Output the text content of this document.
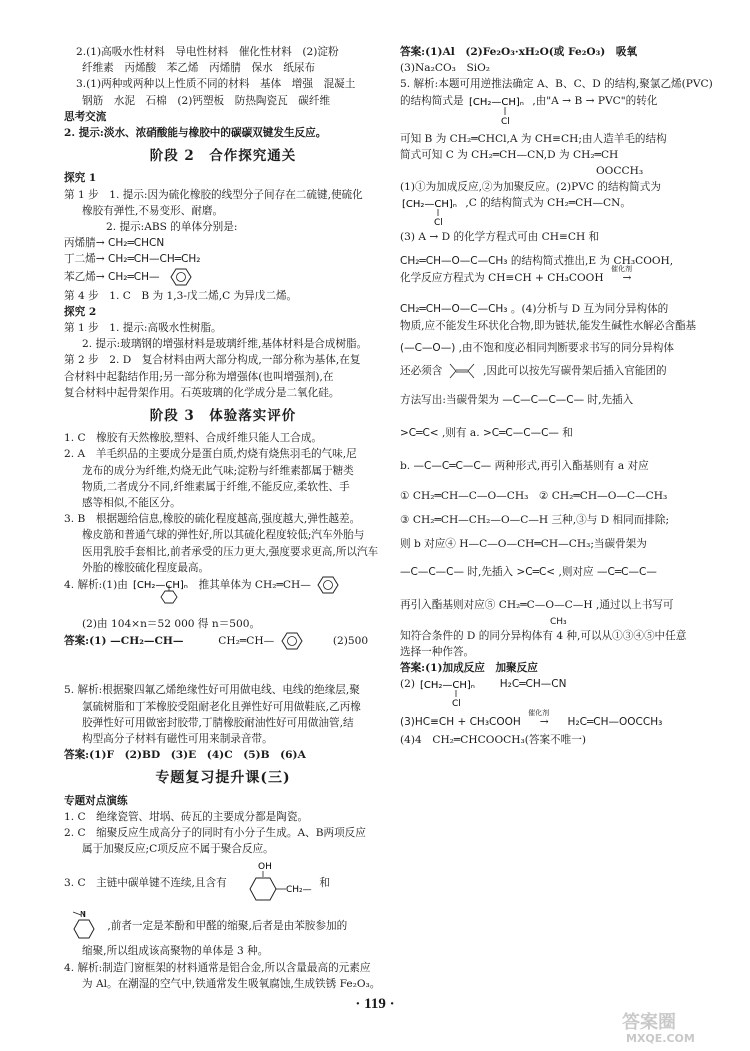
2.(1)高吸水性材料　导电性材料　催化性材料　(2)淀粉
纤维素　丙烯酸　苯乙烯　丙烯腈　保水　纸尿布
3.(1)两种或两种以上性质不同的材料　基体　增强　混凝土
钢筋　水泥　石棉　(2)钙塑板　防热陶瓷瓦　碳纤维
思考交流
2. 提示:淡水、浓硝酸能与橡胶中的碳碳双键发生反应。
阶段 2　合作探究通关
探究 1
第 1 步　1. 提示:因为硫化橡胶的线型分子间存在二硫键,使硫化
橡胶有弹性,不易变形、耐磨。
2. 提示:ABS 的单体分别是:
丙烯腈→ CH₂═CHCN
丁二烯→ CH₂═CH—CH═CH₂
苯乙烯→ CH₂═CH—
第 4 步　1. C　B 为 1,3-戊二烯,C 为异戊二烯。
探究 2
第 1 步　1. 提示:高吸水性树脂。
2. 提示:玻璃钢的增强材料是玻璃纤维,基体材料是合成树脂。
第 2 步　2. D　复合材料由两大部分构成,一部分称为基体,在复
合材料中起黏结作用;另一部分称为增强体(也叫增强剂),在
复合材料中起骨架作用。石英玻璃的化学成分是二氧化硅。
阶段 3　体验落实评价
1. C　橡胶有天然橡胶,塑料、合成纤维只能人工合成。
2. A　羊毛织品的主要成分是蛋白质,灼烧有烧焦羽毛的气味,尼
龙布的成分为纤维,灼烧无此气味;淀粉与纤维素都属于糖类
物质,二者成分不同,纤维素属于纤维,不能反应,柔软性、手
感等相似,不能区分。
3. B　根据题给信息,橡胶的硫化程度越高,强度越大,弹性越差。
橡皮筋和普通气球的弹性好,所以其硫化程度较低;汽车外胎与
医用乳胶手套相比,前者承受的压力更大,强度要求更高,所以汽车
外胎的橡胶硫化程度最高。
4. 解析:(1)由 [CH₂—CH]ₙ 推其单体为 CH₂═CH—
(2)由 104×n＝52 000 得 n＝500。
答案:(1) —CH₂—CH—	CH₂═CH—	(2)500
5. 解析:根据聚四氟乙烯绝缘性好可用做电线、电线的绝缘层,聚
氯硫树脂和丁苯橡胶受阻耐老化且弹性好可用做鞋底,乙丙橡
胶弹性好可用做密封胶带,丁腈橡胶耐油性好可用做油管,结
构型高分子材料有磁性可用来制录音带。
答案:(1)F　(2)BD　(3)E　(4)C　(5)B　(6)A
专题复习提升课(三)
专题对点演练
1. C　绝缘瓷管、坩埚、砖瓦的主要成分都是陶瓷。
2. C　缩聚反应生成高分子的同时有小分子生成。A、B两项反应
属于加聚反应;C项反应不属于聚合反应。
3. C　主链中碳单键不连续,且含有
OH
CH₂—
和
N
,前者一定是苯酚和甲醛的缩聚,后者是由苯胺参加的
缩聚,所以组成该高聚物的单体是 3 种。
4. 解析:制造门窗框架的材料通常是铝合金,所以含量最高的元素应
为 Al。在潮湿的空气中,铁通常发生吸氧腐蚀,生成铁锈 Fe₂O₃。
答案:(1)Al　(2)Fe₂O₃·xH₂O(或 Fe₂O₃)　吸氧
(3)Na₂CO₃　SiO₂
5. 解析:本题可用逆推法确定 A、B、C、D 的结构,聚氯乙烯(PVC)
的结构简式是 [CH₂—CH]ₙ
Cl
,由"A → B → PVC"的转化
可知 B 为 CH₂═CHCl,A 为 CH≡CH;由人造羊毛的结构
简式可知 C 为 CH₂═CH—CN,D 为 CH₂═CH
OOCCH₃
(1)①为加成反应,②为加聚反应。(2)PVC 的结构简式为
[CH₂—CH]ₙ
Cl
,C 的结构简式为 CH₂═CH—CN。
(3) A → D 的化学方程式可由 CH≡CH 和
CH₂═CH—O—C—CH₃ 的结构简式推出,E 为 CH₃COOH,
化学反应方程式为 CH≡CH + CH₃COOH
催化剂
→
CH₂═CH—O—C—CH₃ 。(4)分析与 D 互为同分异构体的
物质,应不能发生环状化合物,即为链状,能发生碱性水解必含酯基
(—C—O—) ,由不饱和度必相同判断要求书写的同分异构体
还必须含	,因此可以按先写碳骨架后插入官能团的
方法写出:当碳骨架为 —C—C—C—C— 时,先插入
>C═C< ,则有 a. >C═C—C—C— 和
b. —C—C═C—C— 两种形式,再引入酯基则有 a 对应
① CH₂═CH—C—O—CH₃　② CH₂═CH—O—C—CH₃
③ CH₂═CH—CH₂—O—C—H 三种,③与 D 相同而排除;
则 b 对应④ H—C—O—CH═CH—CH₃;当碳骨架为
—C—C—C— 时,先插入 >C═C< ,则对应 —C═C—C—
再引入酯基则对应⑤ CH₂═C—O—C—H ,通过以上书写可
CH₃
知符合条件的 D 的同分异构体有 4 种,可以从①③④⑤中任意
选择一种作答。
答案:(1)加成反应　加聚反应
(2) [CH₂—CH]ₙ
Cl
H₂C═CH—CN
(3)HC≡CH + CH₃COOH
催化剂
→ H₂C═CH—OOCCH₃
(4)4　CH₂═CHCOOCH₃(答案不唯一)
· 119 ·
答案圈
MXQE.COM
